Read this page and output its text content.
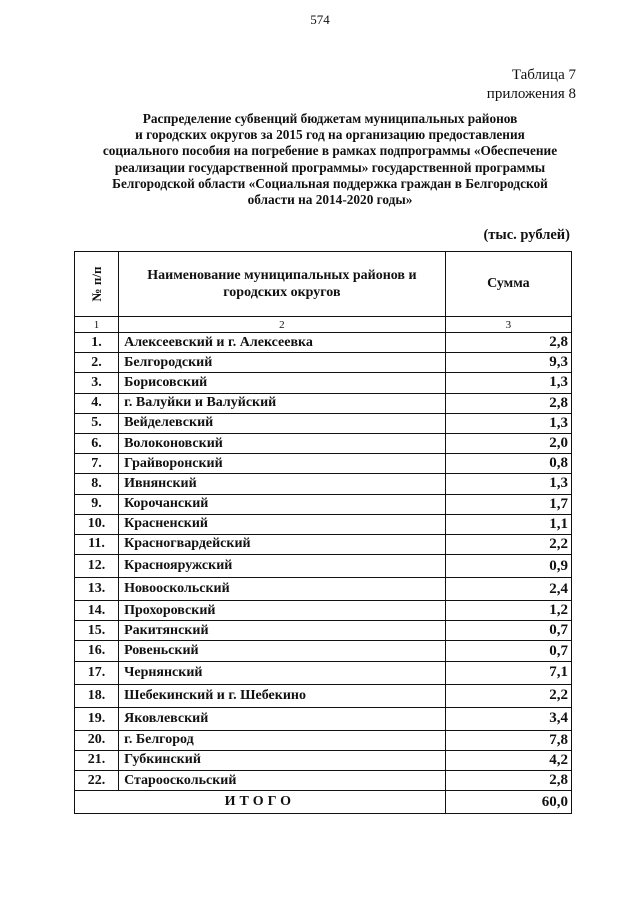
574
Таблица 7
приложения 8
Распределение субвенций бюджетам муниципальных районов
и городских округов за 2015 год на организацию предоставления
социального пособия на погребение в рамках подпрограммы «Обеспечение
реализации государственной программы» государственной программы
Белгородской области «Социальная поддержка граждан в Белгородской
области на 2014-2020 годы»
(тыс. рублей)
№ п/п	Наименование муниципальных районов и городских округов	Сумма

1	2	3
1.	Алексеевский и г. Алексеевка	2,8
2.	Белгородский	9,3
3.	Борисовский	1,3
4.	г. Валуйки и Валуйский	2,8
5.	Вейделевский	1,3
6.	Волоконовский	2,0
7.	Грайворонский	0,8
8.	Ивнянский	1,3
9.	Корочанский	1,7
10.	Красненский	1,1
11.	Красногвардейский	2,2
12.	Краснояружский	0,9
13.	Новооскольский	2,4
14.	Прохоровский	1,2
15.	Ракитянский	0,7
16.	Ровеньский	0,7
17.	Чернянский	7,1
18.	Шебекинский и г. Шебекино	2,2
19.	Яковлевский	3,4
20.	г. Белгород	7,8
21.	Губкинский	4,2
22.	Старооскольский	2,8
ИТОГО		60,0
